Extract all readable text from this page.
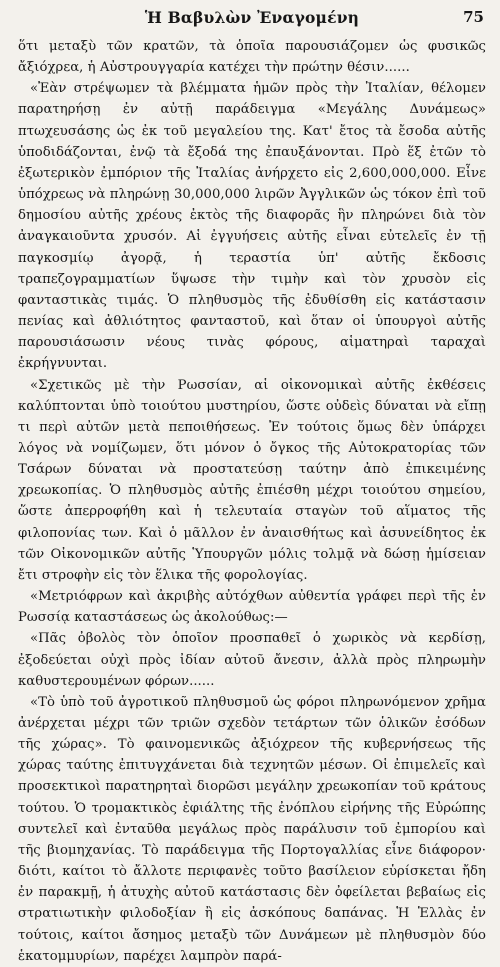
Ἡ Βαβυλὼν Ἐναγομένη	75

ὅτι μεταξὺ τῶν κρατῶν, τὰ ὁποῖα παρουσιάζομεν ὡς φυσικῶς ἄξιόχρεα, ἡ Αὐστρουγγαρία κατέχει τὴν πρώτην θέσιν......

«Ἐὰν στρέψωμεν τὰ βλέμματα ἡμῶν πρὸς τὴν Ἰταλίαν, θέλομεν παρατηρήσῃ ἐν αὐτῇ παράδειγμα «Μεγάλης Δυνάμεως» πτωχευσάσης ὡς ἐκ τοῦ μεγαλείου της. Κατ' ἔτος τὰ ἔσοδα αὐτῆς ὑποδιδάζονται, ἐνῷ τὰ ἔξοδά της ἐπαυξάνονται. Πρὸ ἕξ ἐτῶν τὸ ἐξωτερικὸν ἐμπόριον τῆς Ἰταλίας ἀνήρχετο εἰς 2,600,000,000. Εἶνε ὑπόχρεως νὰ πληρώνῃ 30,000,000 λιρῶν Ἀγγλικῶν ὡς τόκον ἐπὶ τοῦ δημοσίου αὐτῆς χρέους ἐκτὸς τῆς διαφορᾶς ἣν πληρώνει διὰ τὸν ἀναγκαιοῦντα χρυσόν. Αἱ ἐγγυήσεις αὐτῆς εἶναι εὐτελεῖς ἐν τῇ παγκοσμίῳ ἀγορᾷ, ἡ τεραστία ὑπ' αὐτῆς ἔκδοσις τραπεζογραμματίων ὕψωσε τὴν τιμὴν καὶ τὸν χρυσὸν εἰς φανταστικὰς τιμάς. Ὁ πληθυσμὸς τῆς ἐδυθίσθη εἰς κατάστασιν πενίας καὶ ἀθλιότητος φανταστοῦ, καὶ ὅταν οἱ ὑπουργοὶ αὐτῆς παρουσιάσωσιν νέους τινὰς φόρους, αἱματηραὶ ταραχαὶ ἐκρήγνυνται.

«Σχετικῶς μὲ τὴν Ρωσσίαν, αἱ οἰκονομικαὶ αὐτῆς ἐκθέσεις καλύπτονται ὑπὸ τοιούτου μυστηρίου, ὥστε οὐδεὶς δύναται νὰ εἴπῃ τι περὶ αὐτῶν μετὰ πεποιθήσεως. Ἐν τούτοις ὅμως δὲν ὑπάρχει λόγος νὰ νομίζωμεν, ὅτι μόνον ὁ ὄγκος τῆς Αὐτοκρατορίας τῶν Τσάρων δύναται νὰ προστατεύσῃ ταύτην ἀπὸ ἐπικειμένης χρεωκοπίας. Ὁ πληθυσμὸς αὐτῆς ἐπιέσθη μέχρι τοιούτου σημείου, ὥστε ἀπερροφήθη καὶ ἡ τελευταία σταγὼν τοῦ αἵματος τῆς φιλοπονίας των. Καὶ ὁ μᾶλλον ἐν ἀναισθήτως καὶ ἀσυνείδητος ἐκ τῶν Οἰκονομικῶν αὐτῆς Ὑπουργῶν μόλις τολμᾷ νὰ δώσῃ ἡμίσειαν ἔτι στροφὴν εἰς τὸν ἕλικα τῆς φορολογίας.

«Μετριόφρων καὶ ἀκριβὴς αὐτόχθων αὐθεντία γράφει περὶ τῆς ἐν Ρωσσίᾳ καταστάσεως ὡς ἀκολούθως:—

«Πᾶς ὀβολὸς τὸν ὁποῖον προσπαθεῖ ὁ χωρικὸς νὰ κερδίσῃ, ἐξοδεύεται οὐχὶ πρὸς ἰδίαν αὐτοῦ ἄνεσιν, ἀλλὰ πρὸς πληρωμὴν καθυστερουμένων φόρων......

«Τὸ ὑπὸ τοῦ ἀγροτικοῦ πληθυσμοῦ ὡς φόροι πληρωνόμενον χρῆμα ἀνέρχεται μέχρι τῶν τριῶν σχεδὸν τετάρτων τῶν ὁλικῶν ἐσόδων τῆς χώρας». Τὸ φαινομενικῶς ἀξιόχρεον τῆς κυβερνήσεως τῆς χώρας ταύτης ἐπιτυγχάνεται διὰ τεχνητῶν μέσων. Οἱ ἐπιμελεῖς καὶ προσεκτικοὶ παρατηρηταὶ διορῶσι μεγάλην χρεωκοπίαν τοῦ κράτους τούτου. Ὁ τρομακτικὸς ἐφιάλτης τῆς ἐνόπλου εἰρήνης τῆς Εὐρώπης συντελεῖ καὶ ἐνταῦθα μεγάλως πρὸς παράλυσιν τοῦ ἐμπορίου καὶ τῆς βιομηχανίας. Τὸ παράδειγμα τῆς Πορτογαλλίας εἶνε διάφορον· διότι, καίτοι τὸ ἄλλοτε περιφανὲς τοῦτο βασίλειον εὑρίσκεται ἤδη ἐν παρακμῇ, ἡ ἀτυχὴς αὐτοῦ κατάστασις δὲν ὀφείλεται βεβαίως εἰς στρατιωτικὴν φιλοδοξίαν ἢ εἰς ἀσκόπους δαπάνας. Ἡ Ἑλλὰς ἐν τούτοις, καίτοι ἄσημος μεταξὺ τῶν Δυνάμεων μὲ πληθυσμὸν δύο ἑκατομμυρίων, παρέχει λαμπρὸν παρά-
